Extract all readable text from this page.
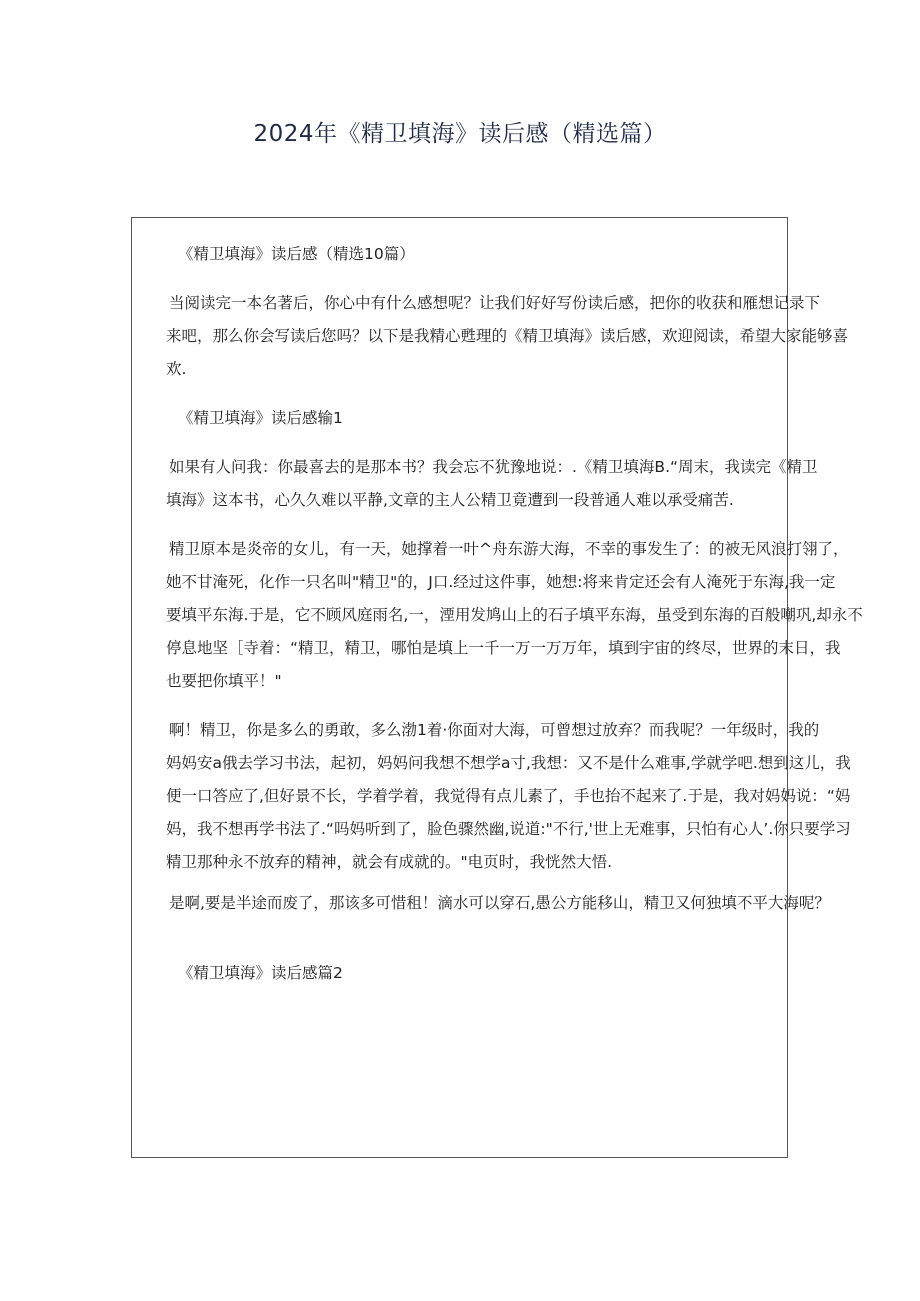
2024年《精卫填海》读后感（精选篇）

《精卫填海》读后感（精选10篇）

当阅读完一本名著后，你心中有什么感想呢？让我们好好写份读后感，把你的收获和雁想记录下

来吧，那么你会写读后您吗？以下是我精心甦理的《精卫填海》读后感，欢迎阅读，希望大家能够喜

欢.

《精卫填海》读后感输1

如果有人问我：你最喜去的是那本书？我会忘不犹豫地说：.《精卫填海B.“周末，我读完《精卫

填海》这本书，心久久难以平静,文章的主人公精卫竟遭到一段普通人难以承受痛苦.

精卫原本是炎帝的女儿，有一天，她撑着一叶^舟东游大海，不幸的事发生了：的被无风浪打翎了，

她不甘淹死，化作一只名叫"精卫"的，J口.经过这件事，她想:将来肯定还会有人淹死于东海,我一定

要填平东海.于是，它不顾风庭雨名,一，湮用发鸠山上的石子填平东海，虽受到东海的百般嘲巩,却永不

停息地坚［寺着：“精卫，精卫，哪怕是填上一千一万一万万年，填到宇宙的终尽，世界的末日，我

也要把你填平！"

啊！精卫，你是多么的勇敢，多么渤1着·你面对大海，可曾想过放弃？而我呢？一年级时，我的

妈妈安a俄去学习书法，起初，妈妈问我想不想学a寸,我想：又不是什么难事,学就学吧.想到这儿，我

便一口答应了,但好景不长，学着学着，我觉得有点儿素了，手也抬不起来了.于是，我对妈妈说：“妈

妈，我不想再学书法了.“吗妈听到了，脸色骤然幽,说道:"不行,'世上无难事，只怕有心人’.你只要学习

精卫那种永不放弃的精神，就会有成就的。"电页时，我恍然大悟.

是啊,要是半途而废了，那该多可惜租！滴水可以穿石,愚公方能移山，精卫又何独填不平大海呢？

《精卫填海》读后感篇2
